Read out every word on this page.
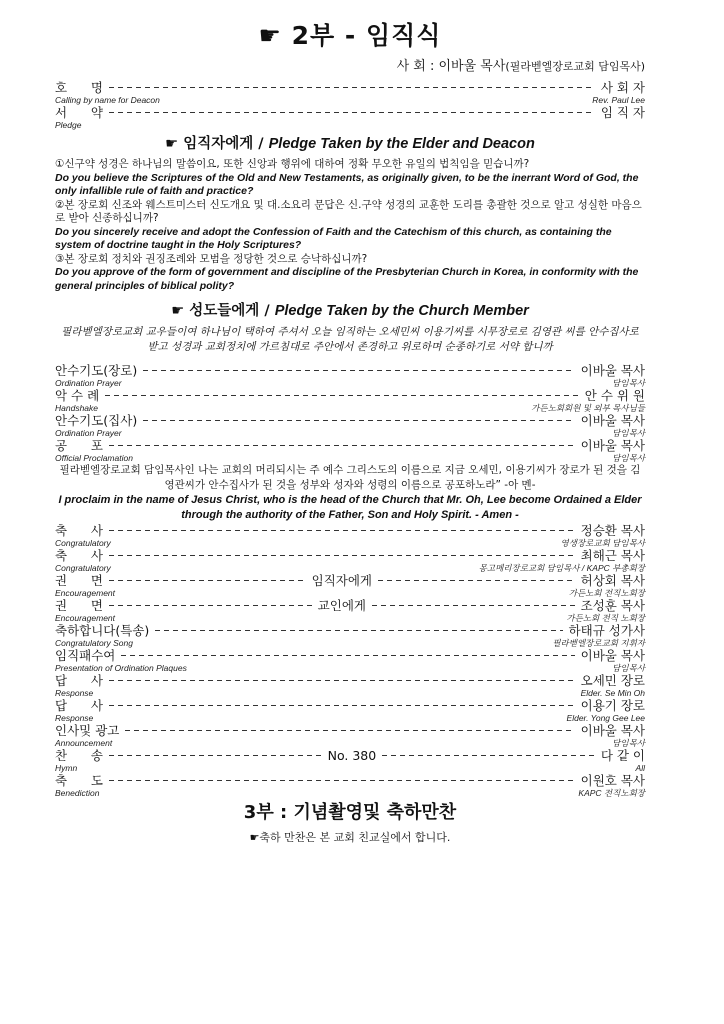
☛ 2부 - 임직식
사 회 : 이바울 목사(필라벧엘장로교회 담임목사)
호      명	사 회 자
Calling by name for Deacon	Rev. Paul Lee
서      약	임 직 자
Pledge
☛ 임직자에게 / Pledge Taken by the Elder and Deacon
①신구약 성경은 하나님의 말씀이요, 또한 신앙과 행위에 대하여 정확 무오한 유일의 법칙임을 믿습니까?
Do you believe the Scriptures of the Old and New Testaments, as originally given, to be the inerrant Word of God, the only infallible rule of faith and practice?
②본 장로회 신조와 웨스트미스터 신도개요 및 대.소요리 문답은 신.구약 성경의 교훈한 도리를 총괄한 것으로 알고 성실한 마음으로 받아 신종하십니까?
Do you sincerely receive and adopt the Confession of Faith and the Catechism of this church, as containing the system of doctrine taught in the Holy Scriptures?
③본 장로회 정치와 권징조례와 모범을 정당한 것으로 승낙하십니까?
Do you approve of the form of government and discipline of the Presbyterian Church in Korea, in conformity with the general principles of biblical polity?
☛ 성도들에게 / Pledge Taken by the Church Member
필라벧엘장로교회 교우들이여 하나님이 택하여 주셔서 오늘 임직하는 오세민씨 이용기씨를 시무장로로 김영관 씨를 안수집사로 받고 성경과 교회정치에 가르침대로 주안에서 존경하고 위로하며 순종하기로 서약 합니까
안수기도(장로)	이바울 목사
Ordination Prayer	담임목사
악 수 례	안 수 위 원
Handshake	가든노회회원 및 외부 목사님들
안수기도(집사)	이바울 목사
Ordination Prayer	담임목사
공      포	이바울 목사
Official Proclamation	담임목사
필라벧엘장로교회 담임목사인 나는 교회의 머리되시는 주 예수 그리스도의 이름으로 지금 오세민, 이용기씨가 장로가 된 것을 김영관씨가 안수집사가 된 것을 성부와 성자와 성령의 이름으로 공포하노라” -아 멘-
I proclaim in the name of Jesus Christ, who is the head of the Church that Mr. Oh, Lee become Ordained a Elder through the authority of the Father, Son and Holy Spirit. - Amen -
축      사	정승환 목사
Congratulatory	영생장로교회 담임목사
축      사	최해근 목사
Congratulatory	몽고메리장로교회 담임목사 / KAPC 부총회장
권      면	임직자에게	허상회 목사
Encouragement	가든노회 전직노회장
권      면	교인에게	조성훈 목사
Encouragement	가든노회 전직 노회장
축하합니다(특송)	하태규 성가사
Congratulatory Song	필라벧엘장로교회 지휘자
임직패수여	이바울 목사
Presentation of Ordination Plaques	담임목사
답      사	오세민 장로
Response	Elder. Se Min Oh
답      사	이용기 장로
Response	Elder. Yong Gee Lee
인사및 광고	이바울 목사
Announcement	담임목사
찬      송	No. 380	다 같 이
Hymn	All
축      도	이원호 목사
Benediction	KAPC 전직노회장
3부 : 기념촬영및 축하만찬
☛축하 만찬은 본 교회 친교실에서 합니다.
